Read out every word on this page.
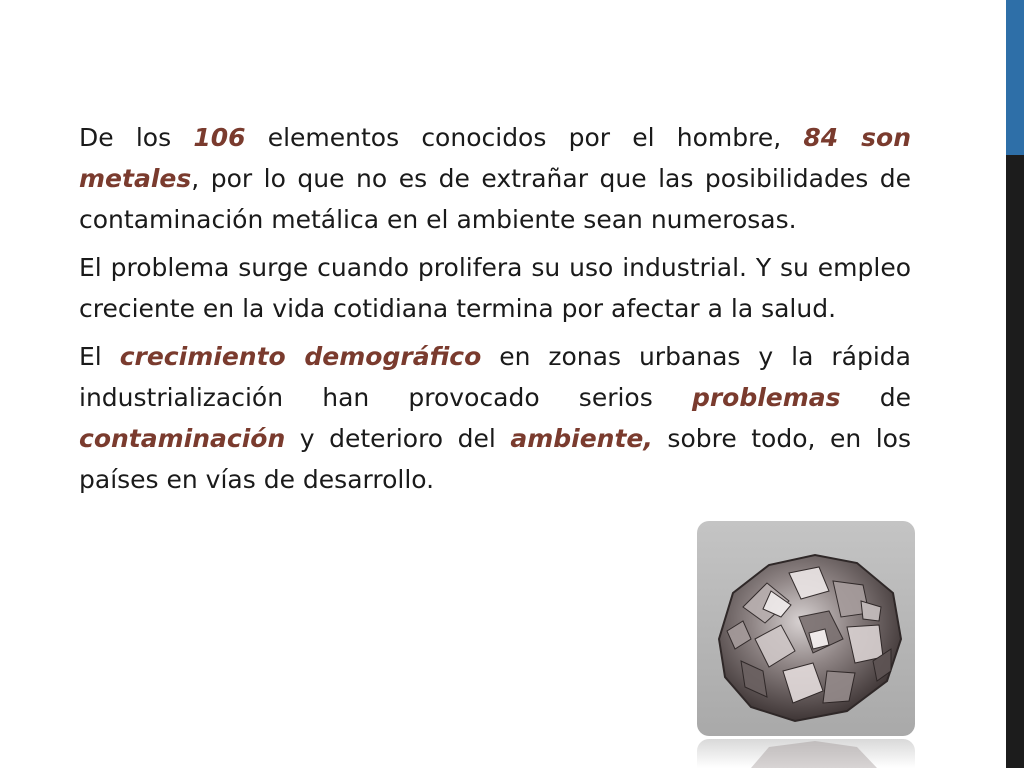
De los 106 elementos conocidos por el hombre, 84 son metales, por lo que no es de extrañar que las posibilidades de contaminación metálica en el ambiente sean numerosas.

El problema surge cuando prolifera su uso industrial. Y su empleo creciente en la vida cotidiana termina por afectar a la salud.

El crecimiento demográfico en zonas urbanas y la rápida industrialización han provocado serios problemas de contaminación y deterioro del ambiente, sobre todo, en los países en vías de desarrollo.
